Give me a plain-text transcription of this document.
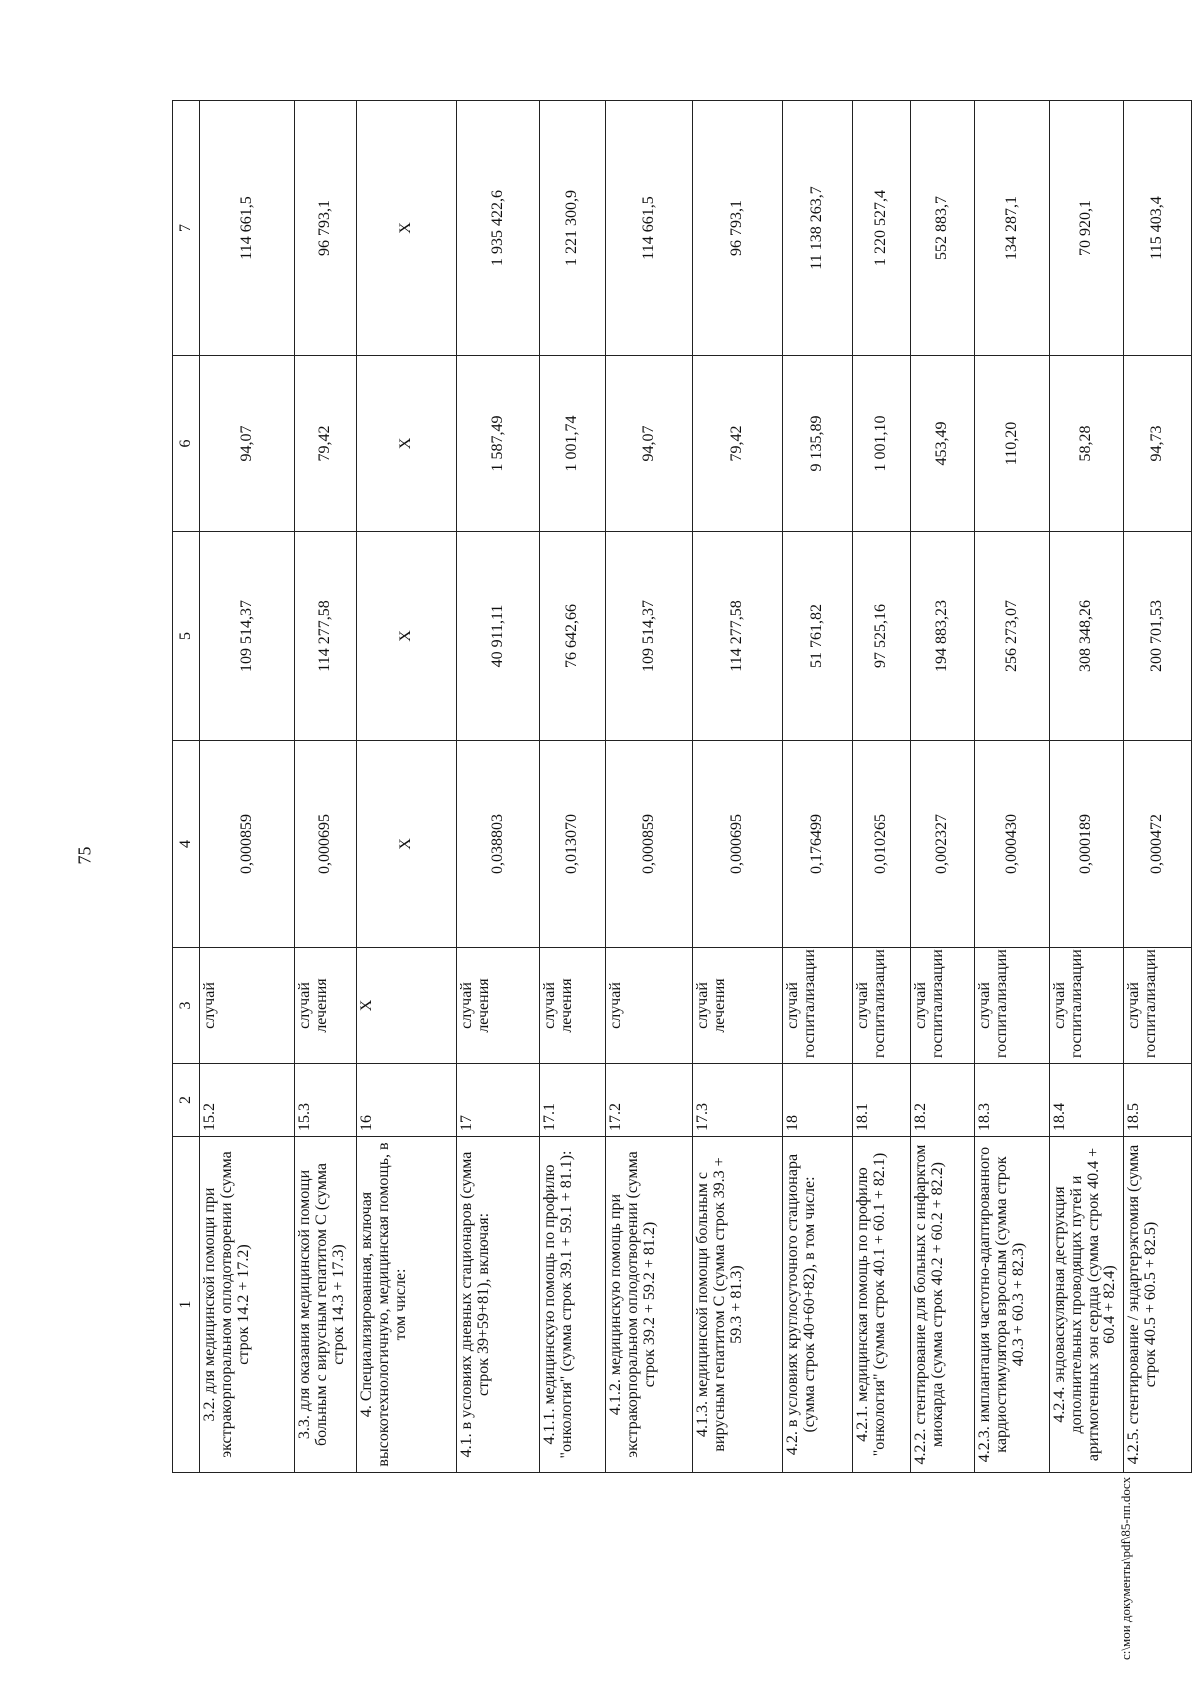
75
1	2	3	4	5	6	7
3.2. для медицинской помощи при экстракорпоральном оплодотворении (сумма строк 14.2 + 17.2)	15.2	случай	0,000859	109 514,37	94,07	114 661,5
3.3. для оказания медицинской помощи больным с вирусным гепатитом С (сумма строк 14.3 + 17.3)	15.3	случай лечения	0,000695	114 277,58	79,42	96 793,1
4. Специализированная, включая высокотехнологичную, медицинская помощь, в том числе:	16	Х	Х	Х	Х	Х
4.1. в условиях дневных стационаров (сумма строк 39+59+81), включая:	17	случай лечения	0,038803	40 911,11	1 587,49	1 935 422,6
4.1.1. медицинскую помощь по профилю "онкология" (сумма строк 39.1 + 59.1 + 81.1):	17.1	случай лечения	0,013070	76 642,66	1 001,74	1 221 300,9
4.1.2. медицинскую помощь при экстракорпоральном оплодотворении (сумма строк 39.2 + 59.2 + 81.2)	17.2	случай	0,000859	109 514,37	94,07	114 661,5
4.1.3. медицинской помощи больным с вирусным гепатитом С (сумма строк 39.3 + 59.3 + 81.3)	17.3	случай лечения	0,000695	114 277,58	79,42	96 793,1
4.2. в условиях круглосуточного стационара (сумма строк 40+60+82), в том числе:	18	случай госпитализации	0,176499	51 761,82	9 135,89	11 138 263,7
4.2.1. медицинская помощь по профилю "онкология" (сумма строк 40.1 + 60.1 + 82.1)	18.1	случай госпитализации	0,010265	97 525,16	1 001,10	1 220 527,4
4.2.2. стентирование для больных с инфарктом миокарда (сумма строк 40.2 + 60.2 + 82.2)	18.2	случай госпитализации	0,002327	194 883,23	453,49	552 883,7
4.2.3. имплантация частотно-адаптированного кардиостимулятора взрослым (сумма строк 40.3 + 60.3 + 82.3)	18.3	случай госпитализации	0,000430	256 273,07	110,20	134 287,1
4.2.4. эндоваскулярная деструкция дополнительных проводящих путей и аритмогенных зон сердца (сумма строк 40.4 + 60.4 + 82.4)	18.4	случай госпитализации	0,000189	308 348,26	58,28	70 920,1
4.2.5. стентирование / эндартерэктомия (сумма строк 40.5 + 60.5 + 82.5)	18.5	случай госпитализации	0,000472	200 701,53	94,73	115 403,4
c:\мои документы\pdf\85-пп.docx
